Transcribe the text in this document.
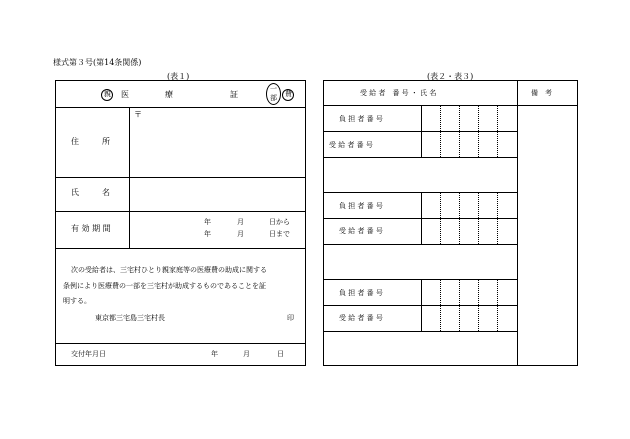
様式第３号(第14条関係)
(表１)	(表２・表３)
親 医	療	証
一
部 費
〒
住	所
氏	名
有 効 期 間
年	月	日から
年	月	日まで
次の受給者は、三宅村ひとり親家庭等の医療費の助成に関する
条例により医療費の一部を三宅村が助成するものであることを証
明する。
東京都三宅島三宅村長	印
交付年月日	年	月	日
受 給 者　番 号 ・ 氏 名	備　考
負 担 者 番 号
受 給 者 番 号
負 担 者 番 号
受 給 者 番 号
負 担 者 番 号
受 給 者 番 号
